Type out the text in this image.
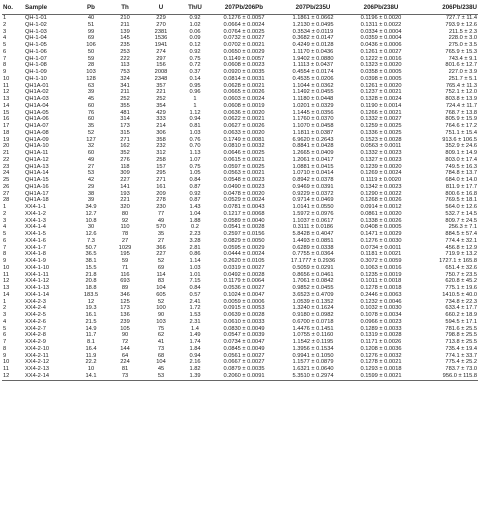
No.	Sample	Pb	Th	U	Th/U	207Pb/206Pb	207Pb/235U	206Pb/238U	206Pb/238U
1	QH-1-01	40	210	229	0.92	0.1276 ± 0.0057	1.1861 ± 0.0662	0.1196 ± 0.0020	727.7 ± 11.4
2	QH-1-02	51	211	270	1.02	0.0664 ± 0.0024	1.2130 ± 0.0495	0.1311 ± 0.0022	793.9 ± 12.6
3	QH-1-03	99	139	2381	0.06	0.0764 ± 0.0025	0.3534 ± 0.0119	0.0334 ± 0.0004	211.5 ± 2.3
4	QH-1-04	69	145	1536	0.09	0.0732 ± 0.0027	0.3682 ± 0.0147	0.0359 ± 0.0004	228.0 ± 3.0
5	QH-1-05	106	235	1941	0.12	0.0702 ± 0.0021	0.4249 ± 0.0128	0.0436 ± 0.0006	275.0 ± 3.5
6	QH-1-06	50	253	274	0.92	0.0650 ± 0.0029	1.1170 ± 0.0436	0.1261 ± 0.0027	765.9 ± 15.3
7	QH-1-07	59	222	297	0.75	0.1149 ± 0.0057	1.9402 ± 0.0880	0.1222 ± 0.0016	743.4 ± 9.1
8	QH-1-08	28	113	156	0.72	0.0608 ± 0.0023	1.1113 ± 0.0437	0.1323 ± 0.0020	801.6 ± 12.7
9	QH-1-09	103	753	2008	0.37	0.0920 ± 0.0035	0.4554 ± 0.0174	0.0358 ± 0.0005	227.0 ± 3.9
10	QH-1-10	128	324	2348	0.14	0.0814 ± 0.0031	0.4535 ± 0.0206	0.0398 ± 0.0005	251.7 ± 5.1
11	QH1A-01	63	341	357	0.95	0.0628 ± 0.0021	1.1044 ± 0.0362	0.1261 ± 0.0020	765.4 ± 11.3
12	QH1A-02	39	211	221	0.96	0.0665 ± 0.0026	1.1492 ± 0.0455	0.1237 ± 0.0021	752.1 ± 12.0
13	QH1A-03	45	252	252	1	0.0603 ± 0.0024	1.1180 ± 0.0448	0.1328 ± 0.0024	803.8 ± 13.9
14	QH1A-04	60	355	354	1	0.0608 ± 0.0019	1.0201 ± 0.0329	0.1190 ± 0.0014	724.4 ± 11.7
15	QH1A-05	76	481	429	1.12	0.0636 ± 0.0020	1.1445 ± 0.0356	0.1266 ± 0.0021	768.7 ± 13.8
16	QH1A-06	60	314	333	0.94	0.0622 ± 0.0021	1.1760 ± 0.0370	0.1332 ± 0.0027	805.9 ± 15.9
17	QH1A-07	35	173	214	0.81	0.0627 ± 0.0026	1.1070 ± 0.0458	0.1259 ± 0.0025	764.6 ± 17.2
18	QH1A-08	52	315	306	1.03	0.0633 ± 0.0020	1.1811 ± 0.0387	0.1336 ± 0.0025	751.1 ± 15.4
19	QH1A-09	127	271	358	0.76	0.1749 ± 0.0081	6.9620 ± 0.2643	0.1523 ± 0.0028	913.6 ± 106.5
20	QH1A-10	32	162	232	0.70	0.0810 ± 0.0032	0.8841 ± 0.0428	0.0563 ± 0.0011	352.9 ± 24.6
21	QH1A-11	60	352	312	1.13	0.0646 ± 0.0025	1.2665 ± 0.0409	0.1332 ± 0.0023	809.1 ± 14.9
22	QH1A-12	49	276	258	1.07	0.0615 ± 0.0021	1.2061 ± 0.0417	0.1327 ± 0.0023	803.0 ± 17.4
23	QH1A-13	27	118	157	0.75	0.0597 ± 0.0025	1.0881 ± 0.0415	0.1239 ± 0.0020	749.5 ± 16.3
24	QH1A-14	53	309	295	1.05	0.0563 ± 0.0021	1.0710 ± 0.0414	0.1269 ± 0.0024	784.8 ± 13.7
25	QH1A-15	42	227	271	0.84	0.0548 ± 0.0023	0.8942 ± 0.0378	0.1119 ± 0.0020	684.0 ± 14.0
26	QH1A-16	29	141	161	0.87	0.0490 ± 0.0023	0.9469 ± 0.0391	0.1342 ± 0.0023	811.9 ± 17.7
27	QH1A-17	38	193	209	0.92	0.0478 ± 0.0020	0.9229 ± 0.0372	0.1290 ± 0.0022	800.6 ± 16.8
28	QH1A-18	39	221	278	0.87	0.0529 ± 0.0024	0.9714 ± 0.0469	0.1268 ± 0.0026	769.5 ± 18.1
1	XX4-1-1	34.9	320	230	1.43	0.0781 ± 0.0043	1.0141 ± 0.0550	0.0914 ± 0.0012	564.0 ± 12.6
2	XX4-1-2	12.7	80	77	1.04	0.1217 ± 0.0068	1.5972 ± 0.0976	0.0861 ± 0.0020	532.7 ± 14.5
3	XX4-1-3	10.8	92	49	1.88	0.0589 ± 0.0040	1.1037 ± 0.0617	0.1338 ± 0.0026	809.7 ± 24.5
4	XX4-1-4	30	110	570	0.2	0.0541 ± 0.0028	0.3111 ± 0.0186	0.0408 ± 0.0005	256.3 ± 7.1
5	XX4-1-5	12.6	78	35	2.23	0.2597 ± 0.0156	5.8428 ± 0.4047	0.1471 ± 0.0029	884.5 ± 57.4
6	XX4-1-6	7.3	27	27	3.28	0.0829 ± 0.0050	1.4493 ± 0.0851	0.1276 ± 0.0030	774.4 ± 32.1
7	XX4-1-7	50.7	1029	366	2.81	0.0595 ± 0.0029	0.6289 ± 0.0338	0.0734 ± 0.0011	456.8 ± 12.9
8	XX4-1-8	36.5	195	227	0.86	0.0444 ± 0.0024	0.7755 ± 0.0364	0.1181 ± 0.0021	719.9 ± 13.2
9	XX4-1-9	38.1	59	52	1.14	0.2620 ± 0.0105	17.1777 ± 0.2936	0.3072 ± 0.0059	1727.1 ± 165.8
10	XX4-1-10	15.5	71	69	1.03	0.0319 ± 0.0027	0.5059 ± 0.0291	0.1063 ± 0.0016	651.4 ± 32.6
11	XX4-1-11	21.8	116	114	1.01	0.0492 ± 0.0028	0.8656 ± 0.0461	0.1235 ± 0.0019	750.7 ± 23.5
12	XX4-1-12	20.8	693	83	7.15	0.1179 ± 0.0064	1.7061 ± 0.0842	0.1011 ± 0.0018	620.8 ± 45.2
13	XX4-1-13	18.8	89	104	0.84	0.0536 ± 0.0027	0.9852 ± 0.0455	0.1278 ± 0.0018	775.1 ± 19.6
14	XX4-1-14	183.5	346	605	0.57	0.1024 ± 0.0047	3.6523 ± 0.4709	0.2446 ± 0.0063	1410.5 ± 40.0
1	XX4-2-3	12	125	52	2.41	0.0059 ± 0.0006	1.0539 ± 0.1352	0.1232 ± 0.0046	734.8 ± 22.3
2	XX4-2-4	19.3	173	100	1.72	0.0915 ± 0.0053	1.3240 ± 0.1624	0.1032 ± 0.0030	633.4 ± 17.7
3	XX4-2-5	16.1	136	90	1.53	0.0639 ± 0.0028	0.9180 ± 0.0982	0.1078 ± 0.0034	660.2 ± 18.9
4	XX4-2-6	21.5	239	103	2.31	0.0610 ± 0.0033	0.6700 ± 0.0718	0.0966 ± 0.0023	594.5 ± 17.1
5	XX4-2-7	14.9	105	75	1.4	0.0830 ± 0.0049	1.4476 ± 0.1451	0.1289 ± 0.0033	781.6 ± 25.5
6	XX4-2-8	11.7	90	62	1.49	0.0547 ± 0.0039	1.0755 ± 0.1160	0.1319 ± 0.0028	798.8 ± 25.5
7	XX4-2-9	8.1	72	41	1.74	0.0734 ± 0.0047	1.1542 ± 0.1195	0.1171 ± 0.0026	713.8 ± 25.5
8	XX4-2-10	16.4	144	73	1.84	0.0845 ± 0.0049	1.3956 ± 0.1534	0.1208 ± 0.0036	735.4 ± 19.4
9	XX4-2-11	11.9	64	68	0.94	0.0561 ± 0.0027	0.9941 ± 0.1050	0.1276 ± 0.0032	774.1 ± 33.7
10	XX4-2-12	22.2	224	104	2.16	0.0667 ± 0.0027	1.1577 ± 0.0879	0.1278 ± 0.0021	775.4 ± 25.2
11	XX4-2-13	10	81	45	1.82	0.0879 ± 0.0035	1.6321 ± 0.0640	0.1293 ± 0.0018	783.7 ± 73.0
12	XX4-2-14	14.1	73	53	1.39	0.2060 ± 0.0091	5.3510 ± 0.2974	0.1599 ± 0.0021	956.0 ± 115.8
